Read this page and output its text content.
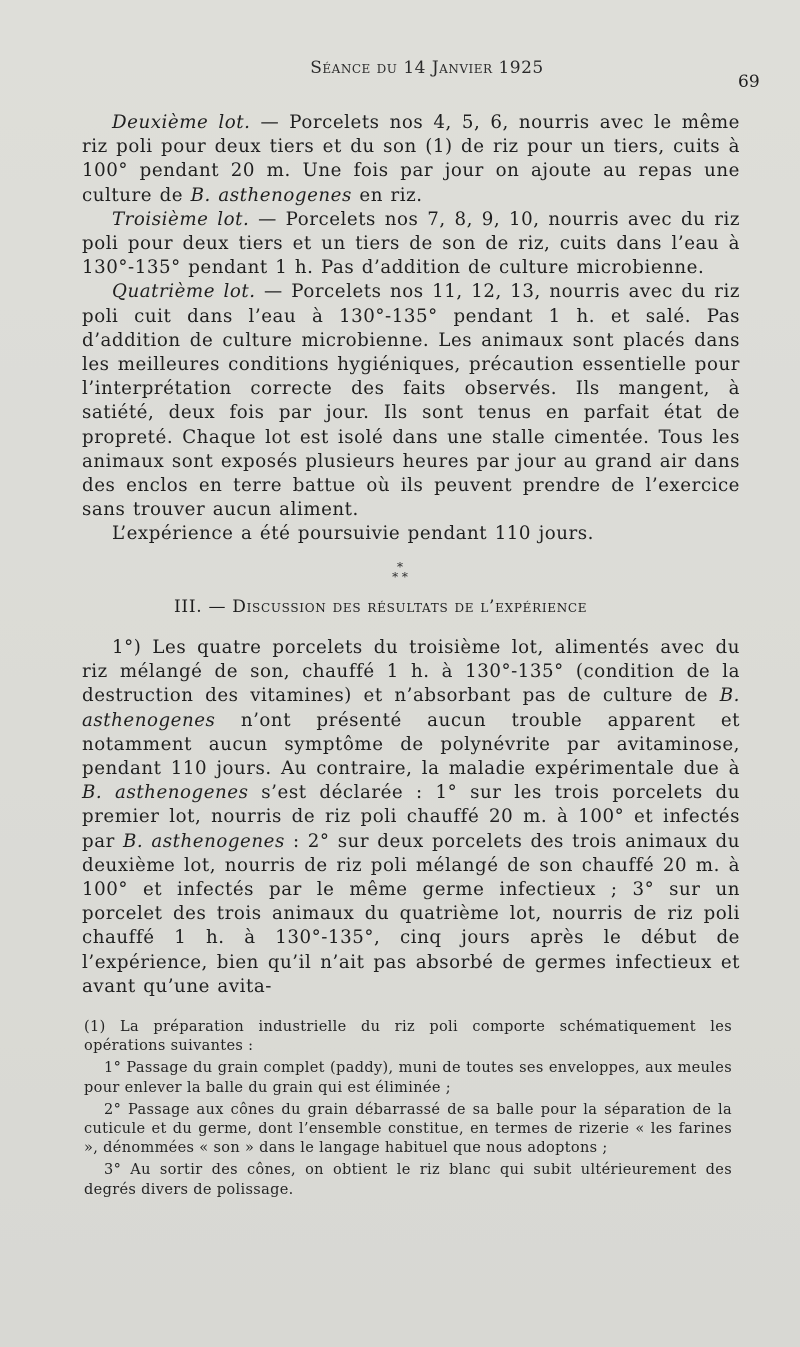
Séance du 14 Janvier 1925
69

Deuxième lot. — Porcelets nos 4, 5, 6, nourris avec le même riz poli pour deux tiers et du son (1) de riz pour un tiers, cuits à 100° pendant 20 m. Une fois par jour on ajoute au repas une culture de B. asthenogenes en riz.

Troisième lot. — Porcelets nos 7, 8, 9, 10, nourris avec du riz poli pour deux tiers et un tiers de son de riz, cuits dans l’eau à 130°-135° pendant 1 h. Pas d’addition de culture microbienne.

Quatrième lot. — Porcelets nos 11, 12, 13, nourris avec du riz poli cuit dans l’eau à 130°-135° pendant 1 h. et salé. Pas d’addition de culture microbienne. Les animaux sont placés dans les meilleures conditions hygiéniques, précaution essentielle pour l’interprétation correcte des faits observés. Ils mangent, à satiété, deux fois par jour. Ils sont tenus en parfait état de propreté. Chaque lot est isolé dans une stalle cimentée. Tous les animaux sont exposés plusieurs heures par jour au grand air dans des enclos en terre battue où ils peuvent prendre de l’exercice sans trouver aucun aliment.

L’expérience a été poursuivie pendant 110 jours.

*
* *
III. — Discussion des résultats de l’expérience

1°) Les quatre porcelets du troisième lot, alimentés avec du riz mélangé de son, chauffé 1 h. à 130°-135° (condition de la destruction des vitamines) et n’absorbant pas de culture de B. asthenogenes n’ont présenté aucun trouble apparent et notamment aucun symptôme de polynévrite par avitaminose, pendant 110 jours. Au contraire, la maladie expérimentale due à B. asthenogenes s’est déclarée : 1° sur les trois porcelets du premier lot, nourris de riz poli chauffé 20 m. à 100° et infectés par B. asthenogenes : 2° sur deux porcelets des trois animaux du deuxième lot, nourris de riz poli mélangé de son chauffé 20 m. à 100° et infectés par le même germe infectieux ; 3° sur un porcelet des trois animaux du quatrième lot, nourris de riz poli chauffé 1 h. à 130°-135°, cinq jours après le début de l’expérience, bien qu’il n’ait pas absorbé de germes infectieux et avant qu’une avita-

(1) La préparation industrielle du riz poli comporte schématiquement les opérations suivantes :

1° Passage du grain complet (paddy), muni de toutes ses enveloppes, aux meules pour enlever la balle du grain qui est éliminée ;

2° Passage aux cônes du grain débarrassé de sa balle pour la séparation de la cuticule et du germe, dont l’ensemble constitue, en termes de rizerie « les farines », dénommées « son » dans le langage habituel que nous adoptons ;

3° Au sortir des cônes, on obtient le riz blanc qui subit ultérieurement des degrés divers de polissage.
